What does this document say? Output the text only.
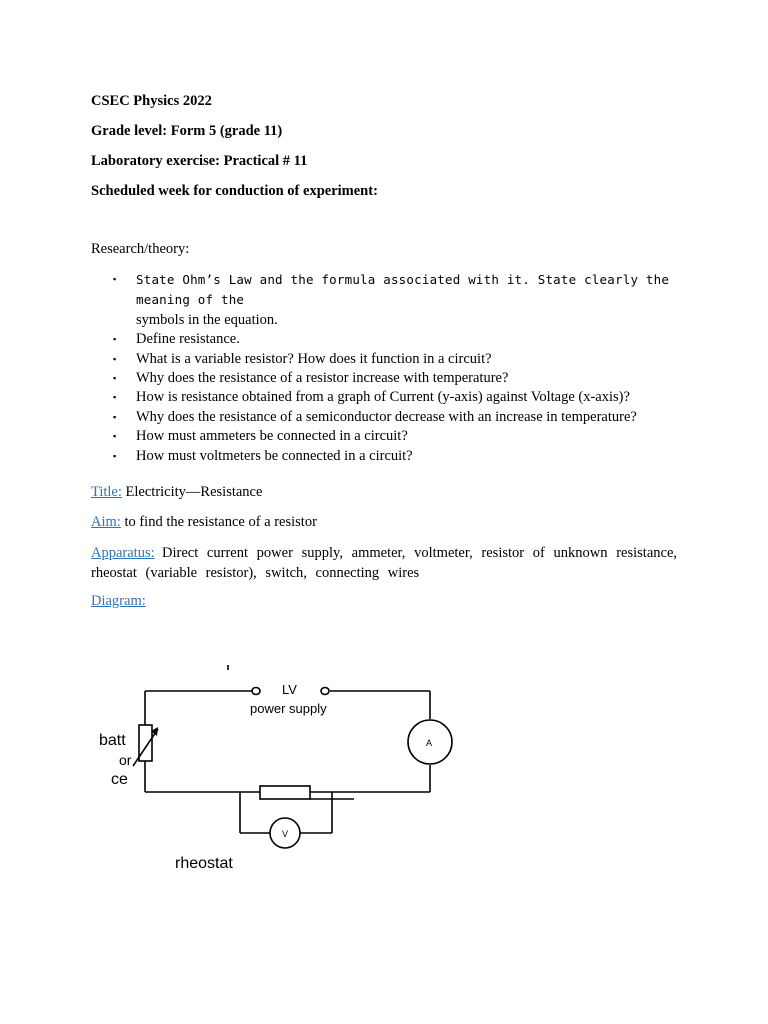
CSEC Physics 2022
Grade level: Form 5 (grade 11)
Laboratory exercise: Practical # 11
Scheduled week for conduction of experiment:
Research/theory:
▪ State Ohm’s Law and the formula associated with it. State clearly the meaning of the
symbols in the equation.
▪ Define resistance.
▪ What is a variable resistor? How does it function in a circuit?
▪ Why does the resistance of a resistor increase with temperature?
▪ How is resistance obtained from a graph of Current (y-axis) against Voltage (x-axis)?
▪ Why does the resistance of a semiconductor decrease with an increase in temperature?
▪ How must ammeters be connected in a circuit?
▪ How must voltmeters be connected in a circuit?
Title: Electricity—Resistance
Aim: to find the resistance of a resistor
Apparatus: Direct current power supply, ammeter, voltmeter, resistor of unknown resistance, rheostat (variable resistor), switch, connecting wires
Diagram:
LV
power supply
A
V
batt
or
ce
rheostat
